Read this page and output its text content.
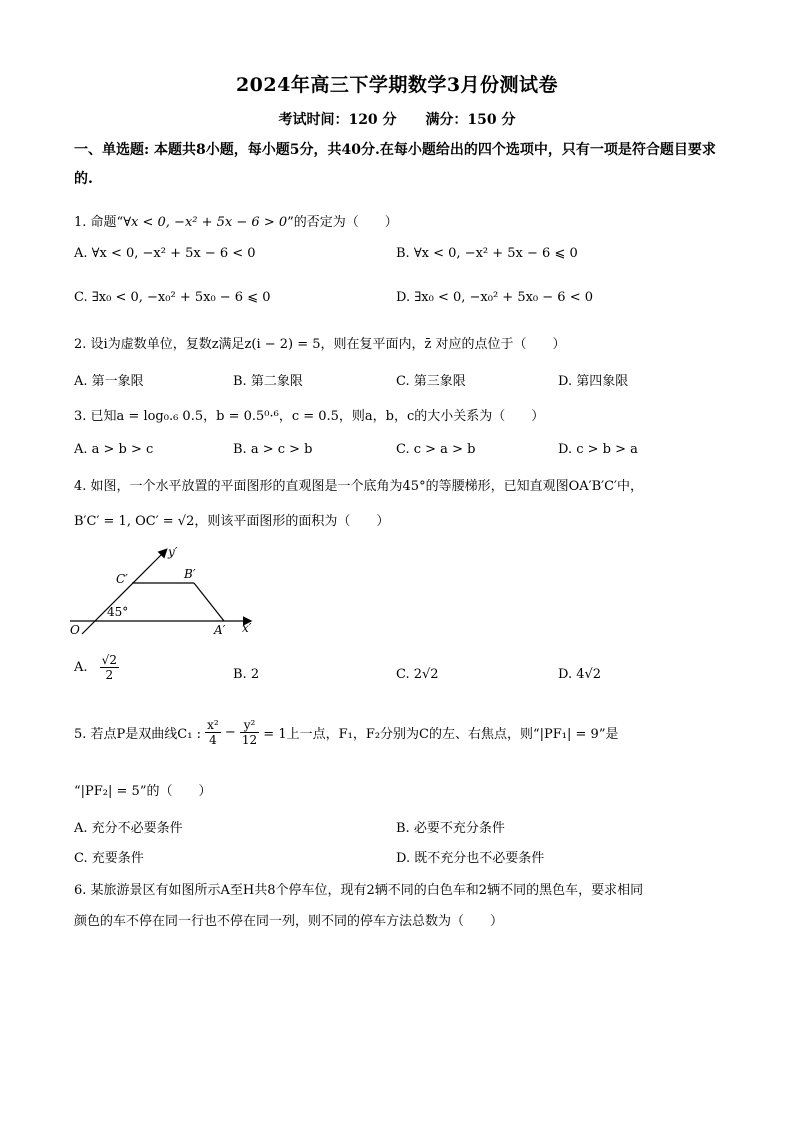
2024年高三下学期数学3月份测试卷
考试时间：120 分 满分：150 分
一、单选题: 本题共8小题，每小题5分，共40分.在每小题给出的四个选项中，只有一项是符合题目要求的.
1. 命题“∀x < 0, −x² + 5x − 6 > 0”的否定为（　　）
A. ∀x < 0, −x² + 5x − 6 < 0	B. ∀x < 0, −x² + 5x − 6 ⩽ 0
C. ∃x₀ < 0, −x₀² + 5x₀ − 6 ⩽ 0	D. ∃x₀ < 0, −x₀² + 5x₀ − 6 < 0
2. 设i为虚数单位，复数z满足z(i − 2) = 5，则在复平面内，z̄ 对应的点位于（　　）
A. 第一象限	B. 第二象限	C. 第三象限	D. 第四象限
3. 已知a = log₀.₆ 0.5，b = 0.5⁰·⁶，c = 0.5，则a，b，c的大小关系为（　　）
A. a > b > c	B. a > c > b	C. c > a > b	D. c > b > a
4. 如图，一个水平放置的平面图形的直观图是一个底角为45°的等腰梯形，已知直观图OA′B′C′中，
B′C′ = 1, OC′ = √2，则该平面图形的面积为（　　）
y′
C′	B′
45°
O	A′ x′
A. $\frac{√2}{2}$	B. 2	C. 2√2	D. 4√2
5. 若点P是双曲线C₁ : $\frac{\text{x²}}{4} - \frac{\text{y²}}{12} = 1$上一点，F₁，F₂分别为C的左、右焦点，则“|PF₁| = 9”是
“|PF₂| = 5”的（　　）
A. 充分不必要条件	B. 必要不充分条件
C. 充要条件	D. 既不充分也不必要条件
6. 某旅游景区有如图所示A至H共8个停车位，现有2辆不同的白色车和2辆不同的黑色车，要求相同
颜色的车不停在同一行也不停在同一列，则不同的停车方法总数为（　　）
